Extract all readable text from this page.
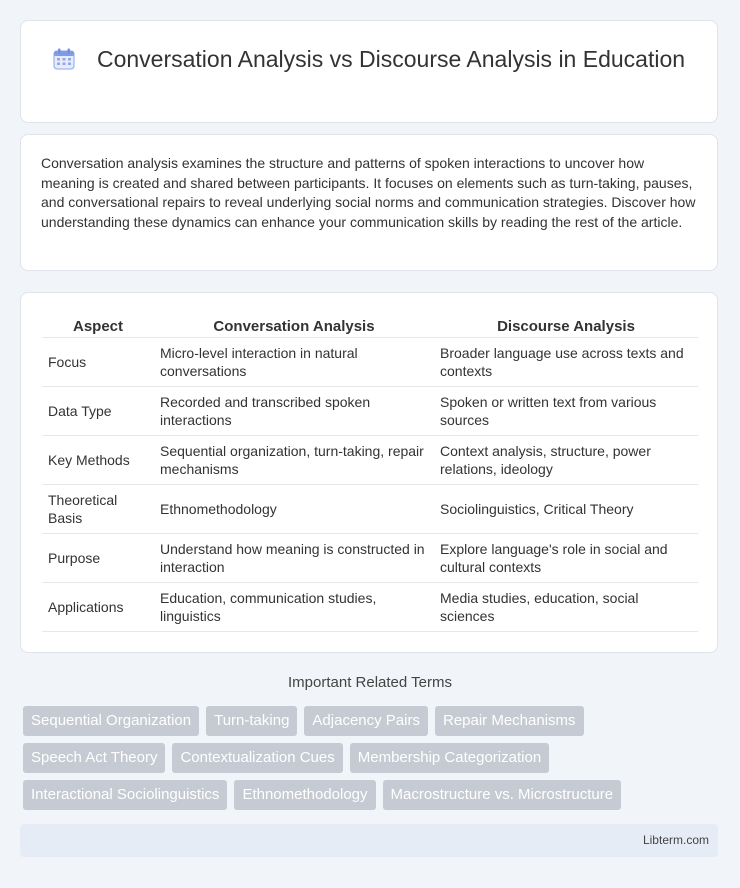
Conversation Analysis vs Discourse Analysis in Education

Conversation analysis examines the structure and patterns of spoken interactions to uncover how meaning is created and shared between participants. It focuses on elements such as turn-taking, pauses, and conversational repairs to reveal underlying social norms and communication strategies. Discover how understanding these dynamics can enhance your communication skills by reading the rest of the article.

Aspect	Conversation Analysis	Discourse Analysis
Focus	Micro-level interaction in natural conversations	Broader language use across texts and contexts
Data Type	Recorded and transcribed spoken interactions	Spoken or written text from various sources
Key Methods	Sequential organization, turn-taking, repair mechanisms	Context analysis, structure, power relations, ideology
Theoretical Basis	Ethnomethodology	Sociolinguistics, Critical Theory
Purpose	Understand how meaning is constructed in interaction	Explore language's role in social and cultural contexts
Applications	Education, communication studies, linguistics	Media studies, education, social sciences
Important Related Terms
Sequential Organization Turn-taking Adjacency Pairs Repair Mechanisms
Speech Act Theory Contextualization Cues Membership Categorization
Interactional Sociolinguistics Ethnomethodology Macrostructure vs. Microstructure
Libterm.com
